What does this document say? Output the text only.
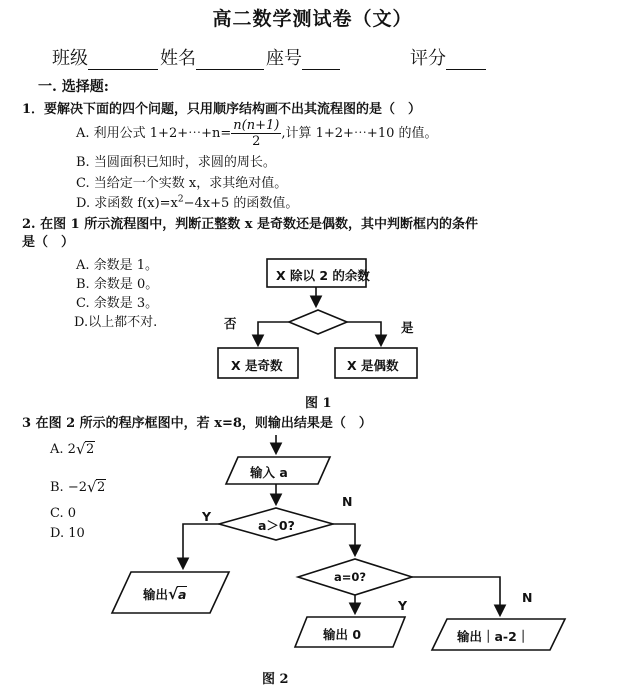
高二数学测试卷（文）
班级	姓名	座号	评分
一. 选择题:
1．要解决下面的四个问题，只用顺序结构画不出其流程图的是（　）
A. 利用公式 1+2+⋯+n= $\frac{n(n+1)}{2}$ ,计算 1+2+⋯+10 的值。
B. 当圆面积已知时，求圆的周长。
C. 当给定一个实数 x，求其绝对值。
D. 求函数 $f(x)=x^2-4x+5$ 的函数值。
2. 在图 1 所示流程图中，判断正整数 x 是奇数还是偶数，其中判断框内的条件
是（　）
A. 余数是 1。
B. 余数是 0。
C. 余数是 3。
D.以上都不对.
3 在图 2 所示的程序框图中，若 x=8，则输出结果是（　）
A. 2 √ 2
B. −2 √ 2
C. 0
D. 10
X 除以 2 的余数
否	是
X 是奇数	X 是偶数
图 1
输入 a
a＞0?
Y
N
输出 √ a
a=0?
Y
N
输出 0	输出｜a-2｜
图 2
